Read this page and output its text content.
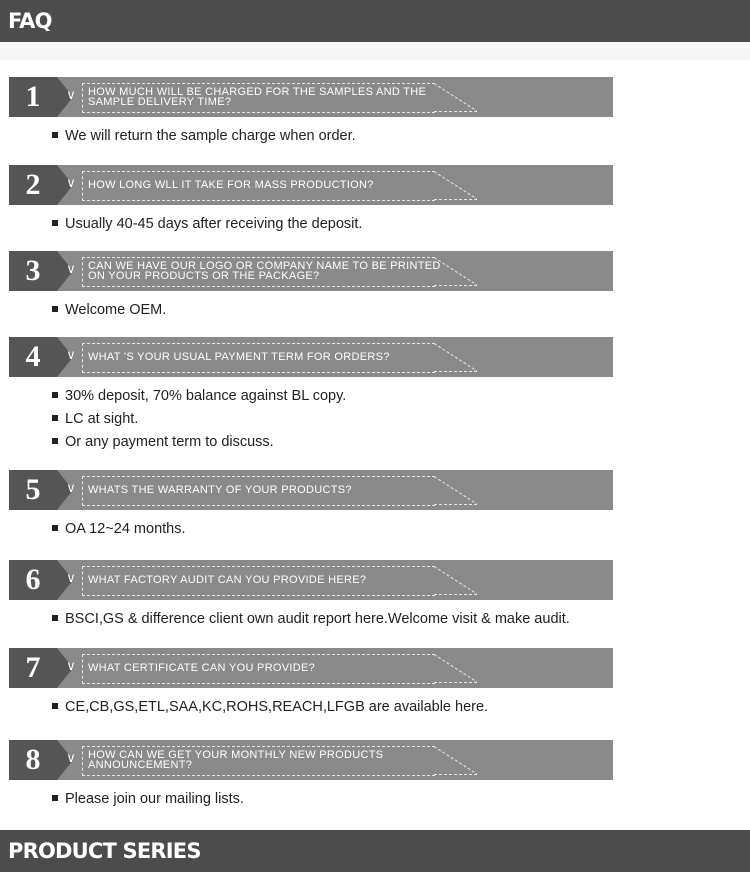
FAQ
1	∨ HOW MUCH WILL BE CHARGED FOR THE SAMPLES AND THE SAMPLE DELIVERY TIME?
We will return the sample charge when order.
2	∨ HOW LONG WLL IT TAKE FOR MASS PRODUCTION?
Usually 40-45 days after receiving the deposit.
3	∨ CAN WE HAVE OUR LOGO OR COMPANY NAME TO BE PRINTED ON YOUR PRODUCTS OR THE PACKAGE?
Welcome OEM.
4	∨ WHAT 'S YOUR USUAL PAYMENT TERM FOR ORDERS?
30% deposit, 70% balance against BL copy.
LC at sight.
Or any payment term to discuss.
5	∨ WHATS THE WARRANTY OF YOUR PRODUCTS?
OA 12~24 months.
6	∨ WHAT FACTORY AUDIT CAN YOU PROVIDE HERE?
BSCI,GS & difference client own audit report here.Welcome visit & make audit.
7	∨ WHAT CERTIFICATE CAN YOU PROVIDE?
CE,CB,GS,ETL,SAA,KC,ROHS,REACH,LFGB are available here.
8	∨ HOW CAN WE GET YOUR MONTHLY NEW PRODUCTS ANNOUNCEMENT?
Please join our mailing lists.
PRODUCT SERIES
